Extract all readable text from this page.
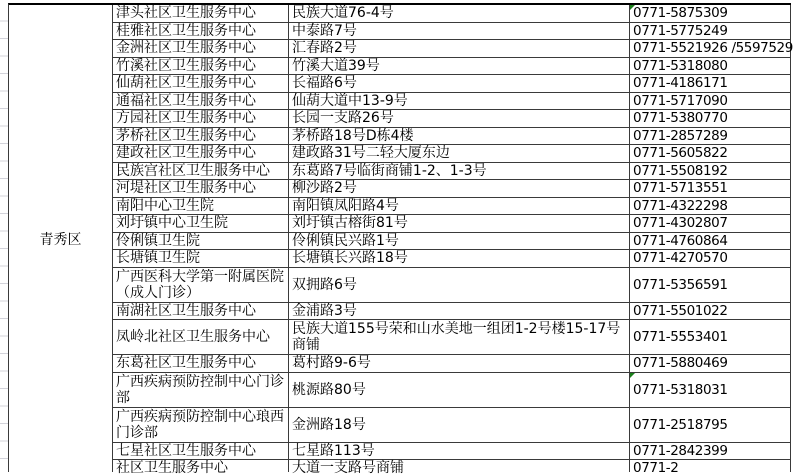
青秀区
津头社区卫生服务中心	民族大道76-4号	0771-5875309
桂雅社区卫生服务中心	中泰路7号	0771-5775249
金洲社区卫生服务中心	汇春路2号	0771-5521926 /5597529
竹溪社区卫生服务中心	竹溪大道39号	0771-5318080
仙葫社区卫生服务中心	长福路6号	0771-4186171
通福社区卫生服务中心	仙葫大道中13-9号	0771-5717090
方园社区卫生服务中心	长园一支路26号	0771-5380770
茅桥社区卫生服务中心	茅桥路18号D栋4楼	0771-2857289
建政社区卫生服务中心	建政路31号二轻大厦东边	0771-5605822
民族宫社区卫生服务中心	东葛路7号临街商铺1-2、1-3号	0771-5508192
河堤社区卫生服务中心	柳沙路2号	0771-5713551
南阳中心卫生院	南阳镇凤阳路4号	0771-4322298
刘圩镇中心卫生院	刘圩镇古榕街81号	0771-4302807
伶俐镇卫生院	伶俐镇民兴路1号	0771-4760864
长塘镇卫生院	长塘镇长兴路18号	0771-4270570
广西医科大学第一附属医院（成人门诊）	双拥路6号	0771-5356591
南湖社区卫生服务中心	金浦路3号	0771-5501022
凤岭北社区卫生服务中心	民族大道155号荣和山水美地一组团1-2号楼15-17号商铺	0771-5553401
东葛社区卫生服务中心	葛村路9-6号	0771-5880469
广西疾病预防控制中心门诊部	桃源路80号	0771-5318031
广西疾病预防控制中心琅西门诊部	金洲路18号	0771-2518795
七星社区卫生服务中心	七星路113号	0771-2842399
社区卫生服务中心	大道一支路号商铺	0771-2
